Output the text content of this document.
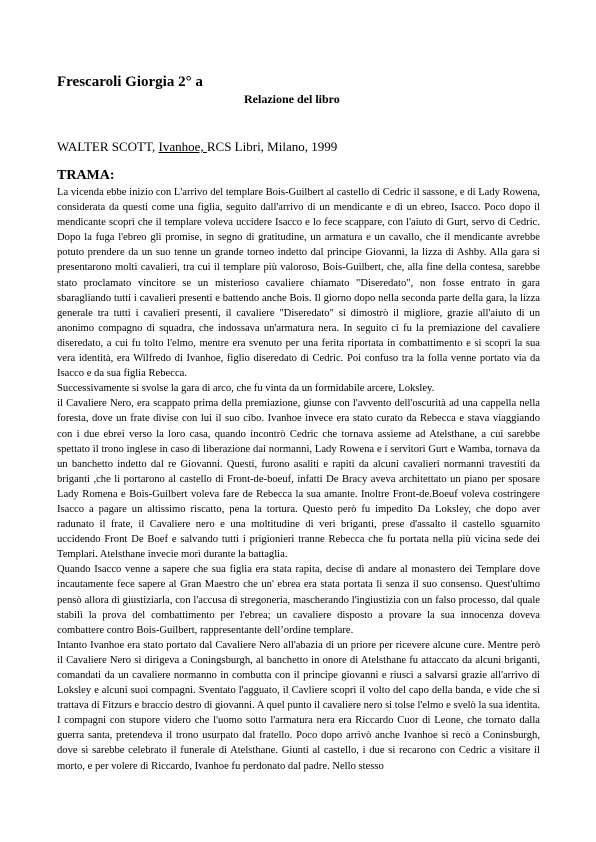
Frescaroli Giorgia 2° a
Relazione del libro
WALTER SCOTT, Ivanhoe, RCS Libri, Milano, 1999
TRAMA:

La vicenda ebbe inizio con L'arrivo del templare Bois-Guilbert al castello di Cedric il sassone, e di Lady Rowena, considerata da questi come una figlia, seguito dall'arrivo di un mendicante e di un ebreo, Isacco. Poco dopo il mendicante scoprì che il templare voleva uccidere Isacco e lo fece scappare, con l'aiuto di Gurt, servo di Cedric. Dopo la fuga l'ebreo gli promise, in segno di gratitudine, un armatura e un cavallo, che il mendicante avrebbe potuto prendere da un suo tenne un grande torneo indetto dal principe Giovanni, la lizza di Ashby. Alla gara si presentarono molti cavalieri, tra cui il templare più valoroso, Bois-Guilbert, che, alla fine della contesa, sarebbe stato proclamato vincitore se un misterioso cavaliere chiamato "Diseredato", non fosse entrato in gara sbaragliando tutti i cavalieri presenti e battendo anche Bois. Il giorno dopo nella seconda parte della gara, la lizza generale tra tutti i cavalieri presenti, il cavaliere "Diseredato" si dimostrò il migliore, grazie all'aiuto di un anonimo compagno di squadra, che indossava un'armatura nera. In seguito ci fu la premiazione del cavaliere diseredato, a cui fu tolto l'elmo, mentre era svenuto per una ferita riportata in combattimento e si scoprì la sua vera identità, era Wilfredo di Ivanhoe, figlio diseredato di Cedric. Poi confuso tra la folla venne portato via da Isacco e da sua figlia Rebecca.

Successivamente si svolse la gara di arco, che fu vinta da un formidabile arcere, Loksley.

il Cavaliere Nero, era scappato prima della premiazione, giunse con l'avvento dell'oscurità ad una cappella nella foresta, dove un frate divise con lui il suo cibo. Ivanhoe invece era stato curato da Rebecca e stava viaggiando con i due ebrei verso la loro casa, quando incontrò Cedric che tornava assieme ad Atelsthane, a cui sarebbe spettato il trono inglese in caso di liberazione dai normanni, Lady Rowena e i servitori Gurt e Wamba, tornava da un banchetto indetto dal re Giovanni. Questi, furono asaliti e rapiti da alcuni cavalieri normanni travestiti da briganti ,che li portarono al castello di Front-de-boeuf, infatti De Bracy aveva architettato un piano per sposare Lady Romena e Bois-Guilbert voleva fare de Rebecca la sua amante. Inoltre Front-de.Boeuf voleva costringere Isacco a pagare un altissimo riscatto, pena la tortura. Questo però fu impedito Da Loksley, che dopo aver radunato il frate, il Cavaliere nero e una moltitudine di veri briganti, prese d'assalto il castello sguarnito uccidendo Front De Boef e salvando tutti i prigionieri tranne Rebecca che fu portata nella più vicina sede dei Templari. Atelsthane invecie morì durante la battaglia.

Quando Isacco venne a sapere che sua figlia era stata rapita, decise di andare al monastero dei Templare dove incautamente fece sapere al Gran Maestro che un' ebrea era stata portata lì senza il suo consenso. Quest'ultimo pensò allora di giustiziarla, con l'accusa di stregoneria, mascherando l'ingiustizia con un falso processo, dal quale stabilì la prova del combattimento per l'ebrea; un cavaliere disposto a provare la sua innocenza doveva combattere contro Bois-Guilbert, rappresentante dell’ordine templare.

Intanto Ivanhoe era stato portato dal Cavaliere Nero all'abazia di un priore per ricevere alcune cure. Mentre però il Cavaliere Nero si dirigeva a Coningsburgh, al banchetto in onore di Atelsthane fu attaccato da alcuni briganti, comandati da un cavaliere normanno in combutta con il principe giovanni e riuscì a salvarsi grazie all'arrivo di Loksley e alcuni suoi compagni. Sventato l'agguato, il Cavliere scoprì il volto del capo della banda, e vide che si trattava di Fitzurs e braccio destro di giovanni. A quel punto il cavaliere nero si tolse l'elmo e svelò la sua identita. I compagni con stupore videro che l'uomo sotto l'armatura nera era Riccardo Cuor di Leone, che tornato dalla guerra santa, pretendeva il trono usurpato dal fratello. Poco dopo arrivò anche Ivanhoe si recò a Coninsburgh, dove si sarebbe celebrato il funerale di Atelsthane. Giunti al castello, i due si recarono con Cedric a visitare il morto, e per volere di Riccardo, Ivanhoe fu perdonato dal padre. Nello stesso
